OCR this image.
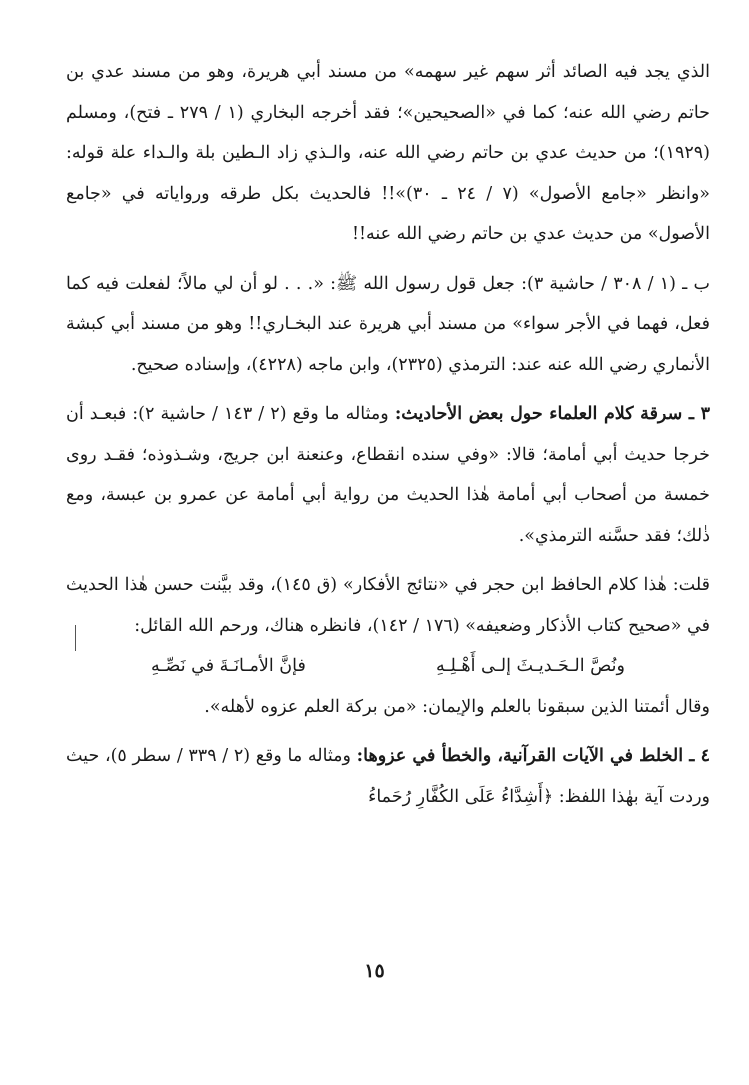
الذي يجد فيه الصائد أثر سهم غير سهمه» من مسند أبي هريرة، وهو من مسند عدي بن حاتم رضي الله عنه؛ كما في «الصحيحين»؛ فقد أخرجه البخاري (١ / ٢٧٩ ـ فتح)، ومسلم (١٩٢٩)؛ من حديث عدي بن حاتم رضي الله عنه، والـذي زاد الـطين بلة والـداء علة قوله: «وانظر «جامع الأصول» (٧ / ٢٤ ـ ٣٠)»!! فالحديث بكل طرقه ورواياته في «جامع الأصول» من حديث عدي بن حاتم رضي الله عنه!!

ب ـ (١ / ٣٠٨ / حاشية ٣): جعل قول رسول الله ﷺ: «. . . لو أن لي مالاً؛ لفعلت فيه كما فعل، فهما في الأجر سواء» من مسند أبي هريرة عند البخـاري!! وهو من مسند أبي كبشة الأنماري رضي الله عنه عند: الترمذي (٢٣٢٥)، وابن ماجه (٤٢٢٨)، وإسناده صحيح.

٣ ـ سرقة كلام العلماء حول بعض الأحاديث: ومثاله ما وقع (٢ / ١٤٣ / حاشية ٢): فبعـد أن خرجا حديث أبي أمامة؛ قالا: «وفي سنده انقطاع، وعنعنة ابن جريج، وشـذوذه؛ فقـد روى خمسة من أصحاب أبي أمامة هٰذا الحديث من رواية أبي أمامة عن عمرو بن عبسة، ومع ذٰلك؛ فقد حسَّنه الترمذي».

قلت: هٰذا كلام الحافظ ابن حجر في «نتائج الأفكار» (ق ١٤٥)، وقد بيَّنت حسن هٰذا الحديث في «صحيح كتاب الأذكار وضعيفه» (١٧٦ / ١٤٢)، فانظره هناك، ورحم الله القائل:

ونُصَّ الـحَـديـثَ إلـى أَهْـلِـهِ
فإنَّ الأمـانَـةَ في نَصِّـهِ

وقال أئمتنا الذين سبقونا بالعلم والإيمان: «من بركة العلم عزوه لأهله».

٤ ـ الخلط في الآيات القرآنية، والخطأ في عزوها: ومثاله ما وقع (٢ / ٣٣٩ / سطر ٥)، حيث وردت آية بهٰذا اللفظ: ﴿أَشِدَّاءُ عَلَى الكُفَّارِ رُحَماءُ

١٥
